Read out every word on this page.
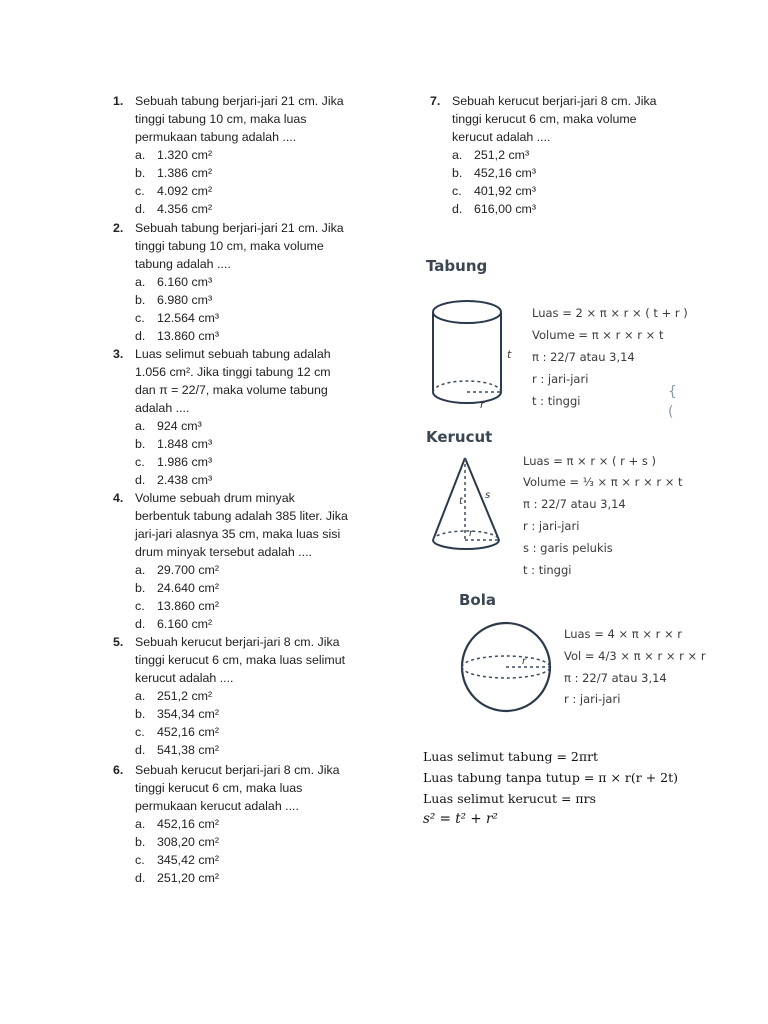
1. Sebuah tabung berjari-jari 21 cm. Jika
tinggi tabung 10 cm, maka luas
permukaan tabung adalah ....
a. 1.320 cm²
b. 1.386 cm²
c. 4.092 cm²
d. 4.356 cm²
2. Sebuah tabung berjari-jari 21 cm. Jika
tinggi tabung 10 cm, maka volume
tabung adalah ....
a. 6.160 cm³
b. 6.980 cm³
c. 12.564 cm³
d. 13.860 cm³
3. Luas selimut sebuah tabung adalah
1.056 cm². Jika tinggi tabung 12 cm
dan π = 22/7, maka volume tabung
adalah ....
a. 924 cm³
b. 1.848 cm³
c. 1.986 cm³
d. 2.438 cm³
4. Volume sebuah drum minyak
berbentuk tabung adalah 385 liter. Jika
jari-jari alasnya 35 cm, maka luas sisi
drum minyak tersebut adalah ....
a. 29.700 cm²
b. 24.640 cm²
c. 13.860 cm²
d. 6.160 cm²
5. Sebuah kerucut berjari-jari 8 cm. Jika
tinggi kerucut 6 cm, maka luas selimut
kerucut adalah ....
a. 251,2 cm²
b. 354,34 cm²
c. 452,16 cm²
d. 541,38 cm²
6. Sebuah kerucut berjari-jari 8 cm. Jika
tinggi kerucut 6 cm, maka luas
permukaan kerucut adalah ....
a. 452,16 cm²
b. 308,20 cm²
c. 345,42 cm²
d. 251,20 cm²
7. Sebuah kerucut berjari-jari 8 cm. Jika
tinggi kerucut 6 cm, maka volume
kerucut adalah ....
a. 251,2 cm³
b. 452,16 cm³
c. 401,92 cm³
d. 616,00 cm³
Tabung
t
r
Luas = 2 × π × r × ( t + r )
Volume = π × r × r × t
π : 22/7 atau 3,14
r : jari-jari
t : tinggi
{
(
Kerucut
t
s
r
Luas = π × r × ( r + s )
Volume = ⅓ × π × r × r × t
π : 22/7 atau 3,14
r : jari-jari
s : garis pelukis
t : tinggi
Bola
r
Luas = 4 × π × r × r
Vol = 4/3 × π × r × r × r
π : 22/7 atau 3,14
r : jari-jari
Luas selimut tabung = 2πrt
Luas tabung tanpa tutup = π × r(r + 2t)
Luas selimut kerucut = πrs
s² = t² + r²
